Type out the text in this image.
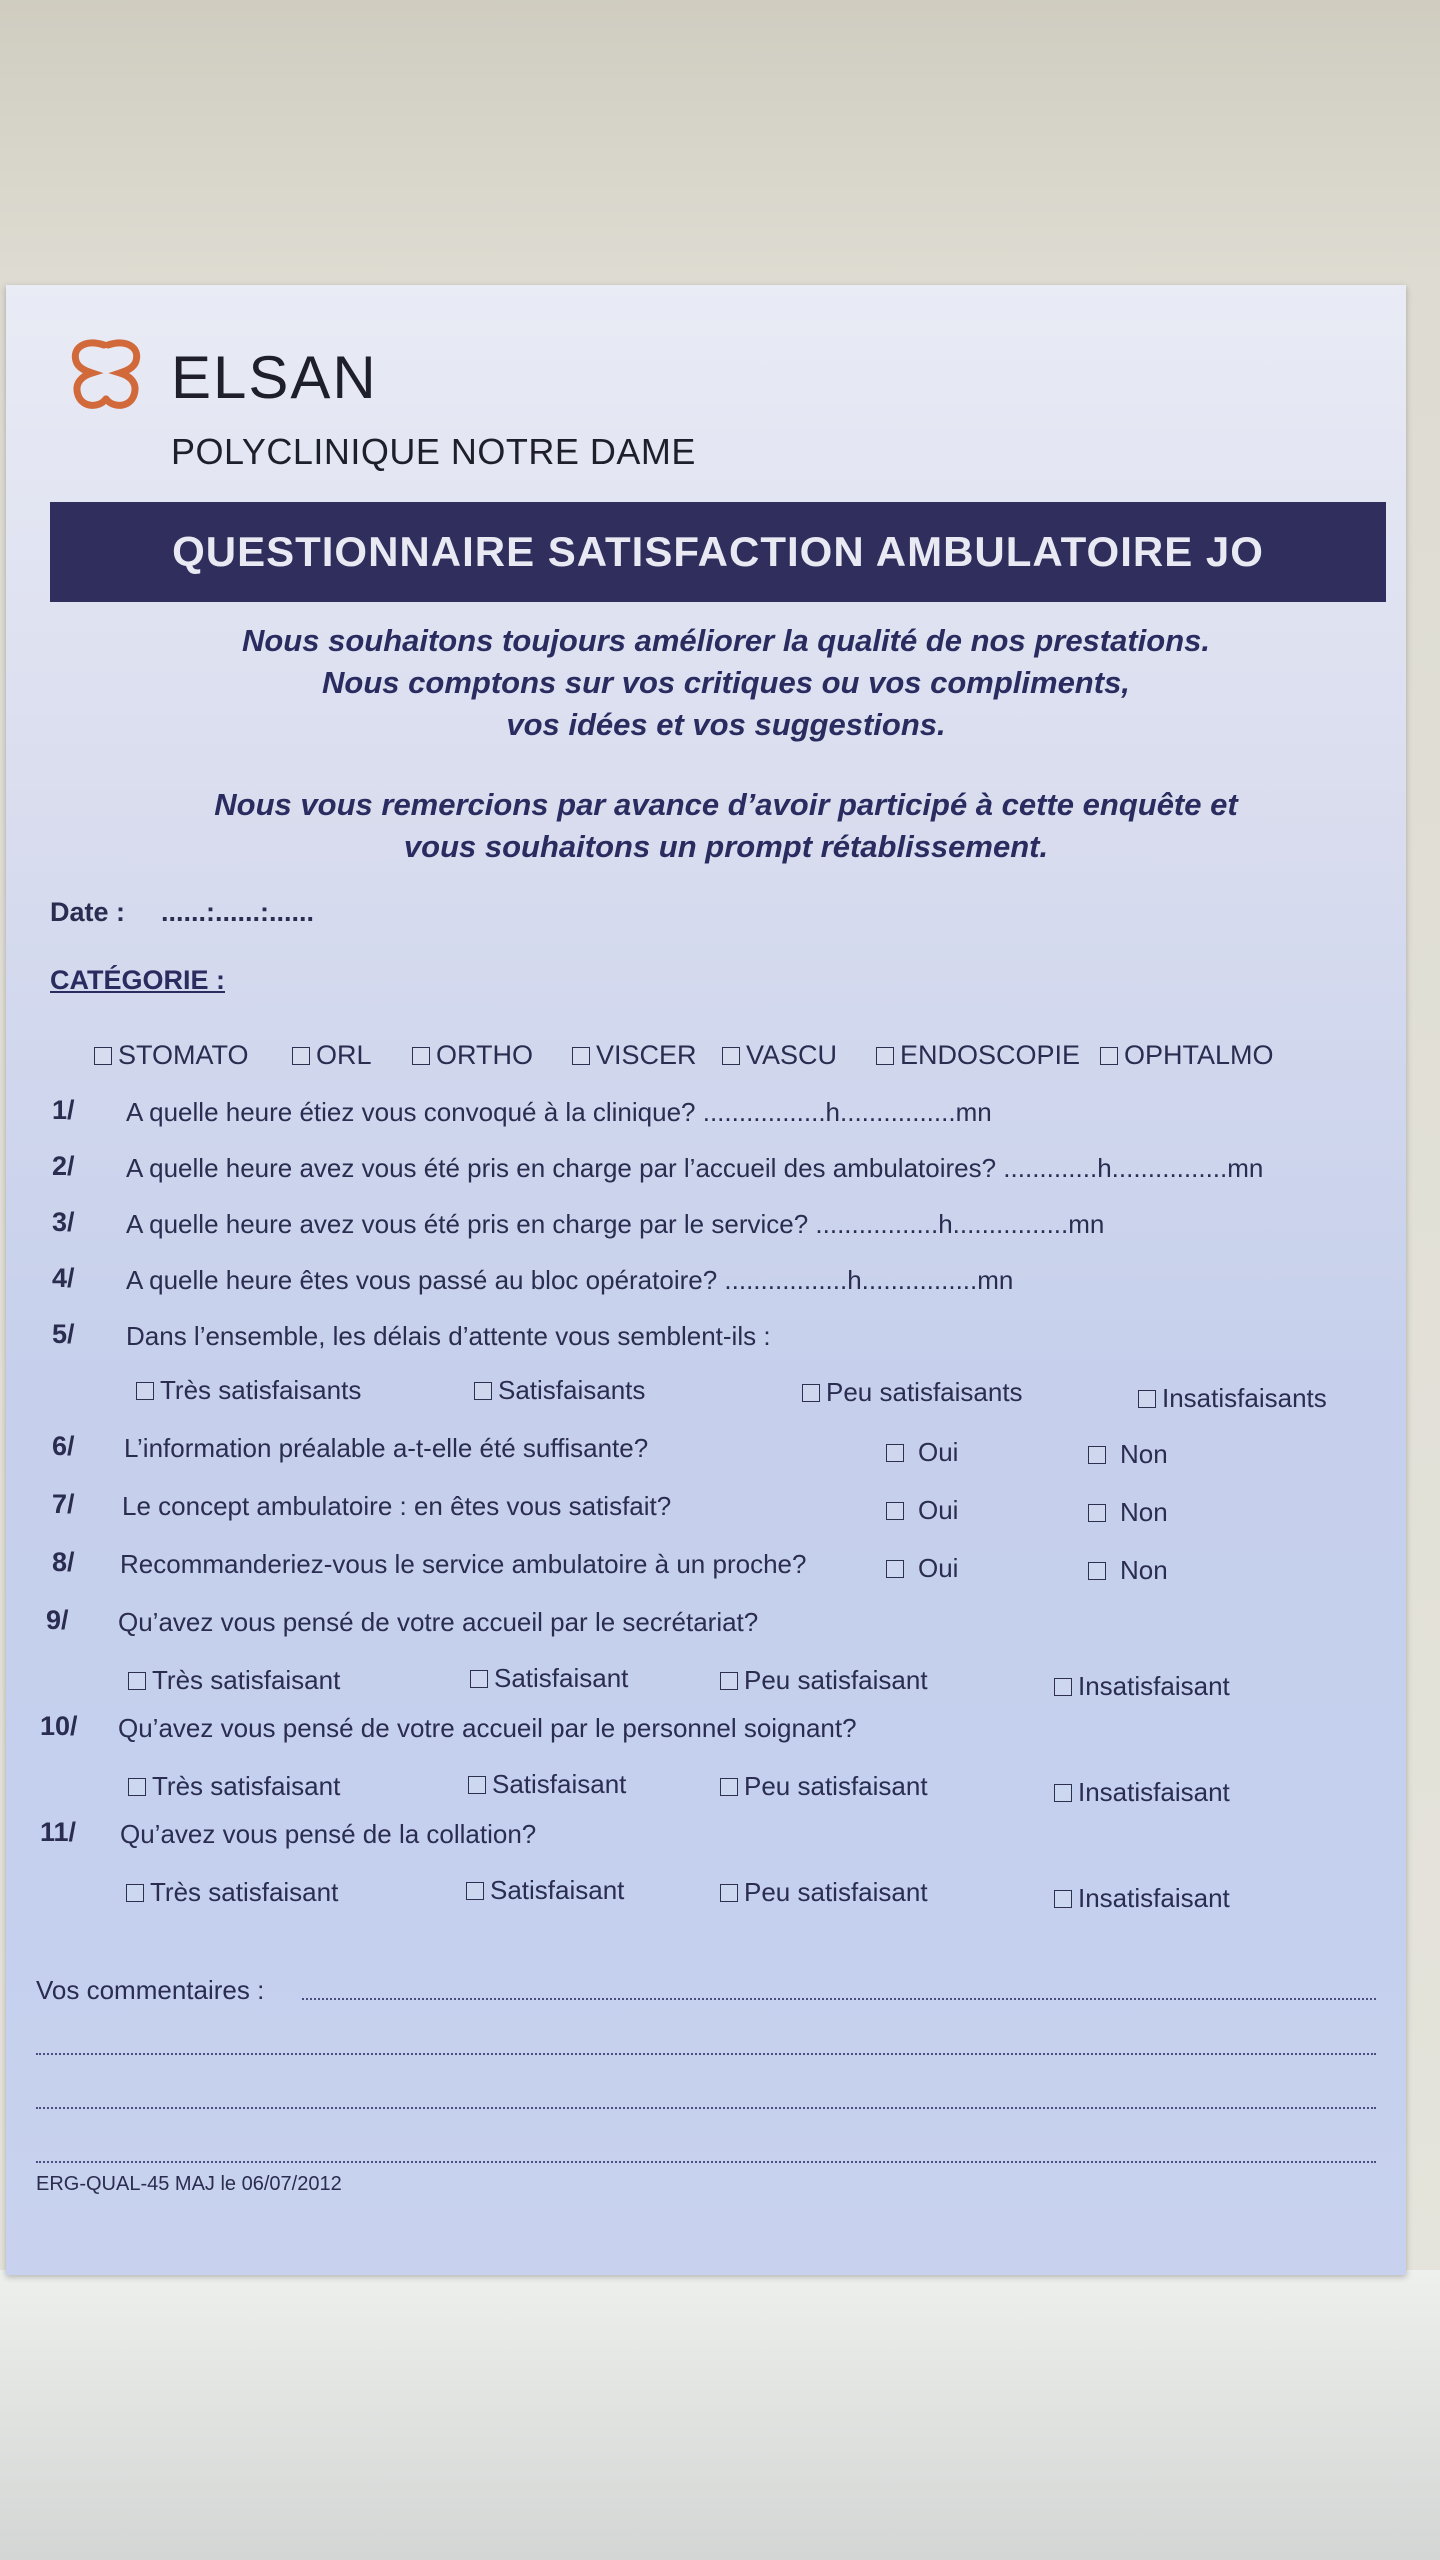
ELSAN
POLYCLINIQUE NOTRE DAME
QUESTIONNAIRE SATISFACTION AMBULATOIRE JO
Nous souhaitons toujours améliorer la qualité de nos prestations.
Nous comptons sur vos critiques ou vos compliments,
vos idées et vos suggestions.
Nous vous remercions par avance d’avoir participé à cette enquête et
vous souhaitons un prompt rétablissement.
Date : ......:......:......
CATÉGORIE :
STOMATO ORL ORTHO VISCER VASCU ENDOSCOPIE OPHTALMO
1/ A quelle heure étiez vous convoqué à la clinique? .................h................mn
2/ A quelle heure avez vous été pris en charge par l’accueil des ambulatoires? .............h................mn
3/ A quelle heure avez vous été pris en charge par le service? .................h................mn
4/ A quelle heure êtes vous passé au bloc opératoire? .................h................mn
5/ Dans l’ensemble, les délais d’attente vous semblent-ils :
Très satisfaisants	Satisfaisants	Peu satisfaisants	Insatisfaisants
6/ L’information préalable a-t-elle été suffisante?	Oui	Non
7/ Le concept ambulatoire : en êtes vous satisfait?	Oui	Non
8/ Recommanderiez-vous le service ambulatoire à un proche?	Oui	Non
9/ Qu’avez vous pensé de votre accueil par le secrétariat?
Très satisfaisant	Satisfaisant	Peu satisfaisant	Insatisfaisant
10/ Qu’avez vous pensé de votre accueil par le personnel soignant?
Très satisfaisant	Satisfaisant	Peu satisfaisant	Insatisfaisant
11/ Qu’avez vous pensé de la collation?
Très satisfaisant	Satisfaisant	Peu satisfaisant	Insatisfaisant
Vos commentaires :
ERG-QUAL-45 MAJ le 06/07/2012
